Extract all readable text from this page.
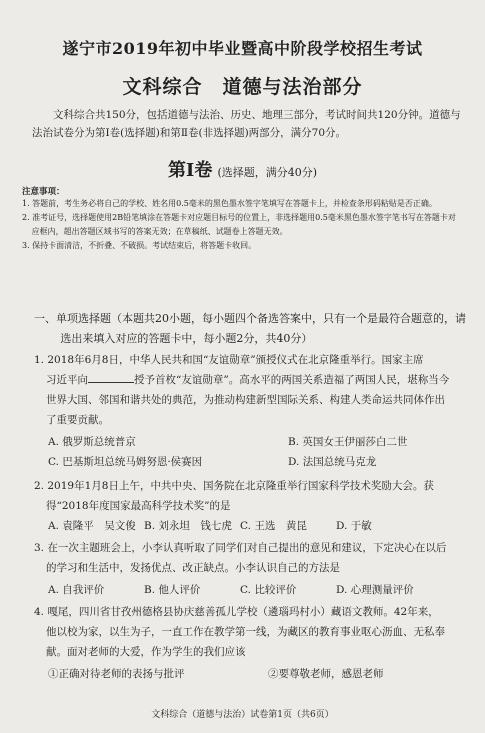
遂宁市2019年初中毕业暨高中阶段学校招生考试
文科综合　道德与法治部分
文科综合共150分，包括道德与法治、历史、地理三部分，考试时间共120分钟。道德与法治试卷分为第Ⅰ卷(选择题)和第Ⅱ卷(非选择题)两部分，满分70分。
第Ⅰ卷 (选择题，满分40分)
注意事项：
1. 答题前，考生务必将自己的学校、姓名用0.5毫米的黑色墨水签字笔填写在答题卡上，并检查条形码粘贴是否正确。
2. 准考证号，选择题使用2B铅笔填涂在答题卡对应题目标号的位置上，非选择题用0.5毫米黑色墨水签字笔书写在答题卡对应框内，超出答题区域书写的答案无效；在草稿纸、试题卷上答题无效。
3. 保持卡面清洁，不折叠、不破损。考试结束后，将答题卡收回。
一、单项选择题（本题共20小题，每小题四个备选答案中，只有一个是最符合题意的，请
选出来填入对应的答题卡中，每小题2分，共40分）
1. 2018年6月8日，中华人民共和国“友谊勋章”颁授仪式在北京隆重举行。国家主席
习近平向	授予首枚“友谊勋章”。高水平的两国关系造福了两国人民，堪称当今
世界大国、邻国和谐共处的典范，为推动构建新型国际关系、构建人类命运共同体作出
了重要贡献。
A. 俄罗斯总统普京	B. 英国女王伊丽莎白二世
C. 巴基斯坦总统马姆努恩·侯赛因	D. 法国总统马克龙
2. 2019年1月8日上午，中共中央、国务院在北京隆重举行国家科学技术奖励大会。获
得“2018年度国家最高科学技术奖”的是
A. 袁隆平　吴文俊 B. 刘永坦　钱七虎 C. 王选　黄昆	D. 于敏
3. 在一次主题班会上，小李认真听取了同学们对自己提出的意见和建议，下定决心在以后
的学习和生活中，发扬优点、改正缺点。小李认识自己的方法是
A. 自我评价	B. 他人评价	C. 比较评价	D. 心理测量评价
4. 嘎尾，四川省甘孜州德格县协庆慈善孤儿学校（遴瑙玛村小）藏语文教师。42年来，
他以校为家，以生为子，一直工作在教学第一线，为藏区的教育事业呕心沥血、无私奉
献。面对老师的大爱，作为学生的我们应该
①正确对待老师的表扬与批评	②要尊敬老师，感恩老师
文科综合（道德与法治）试卷第1页（共6页）
